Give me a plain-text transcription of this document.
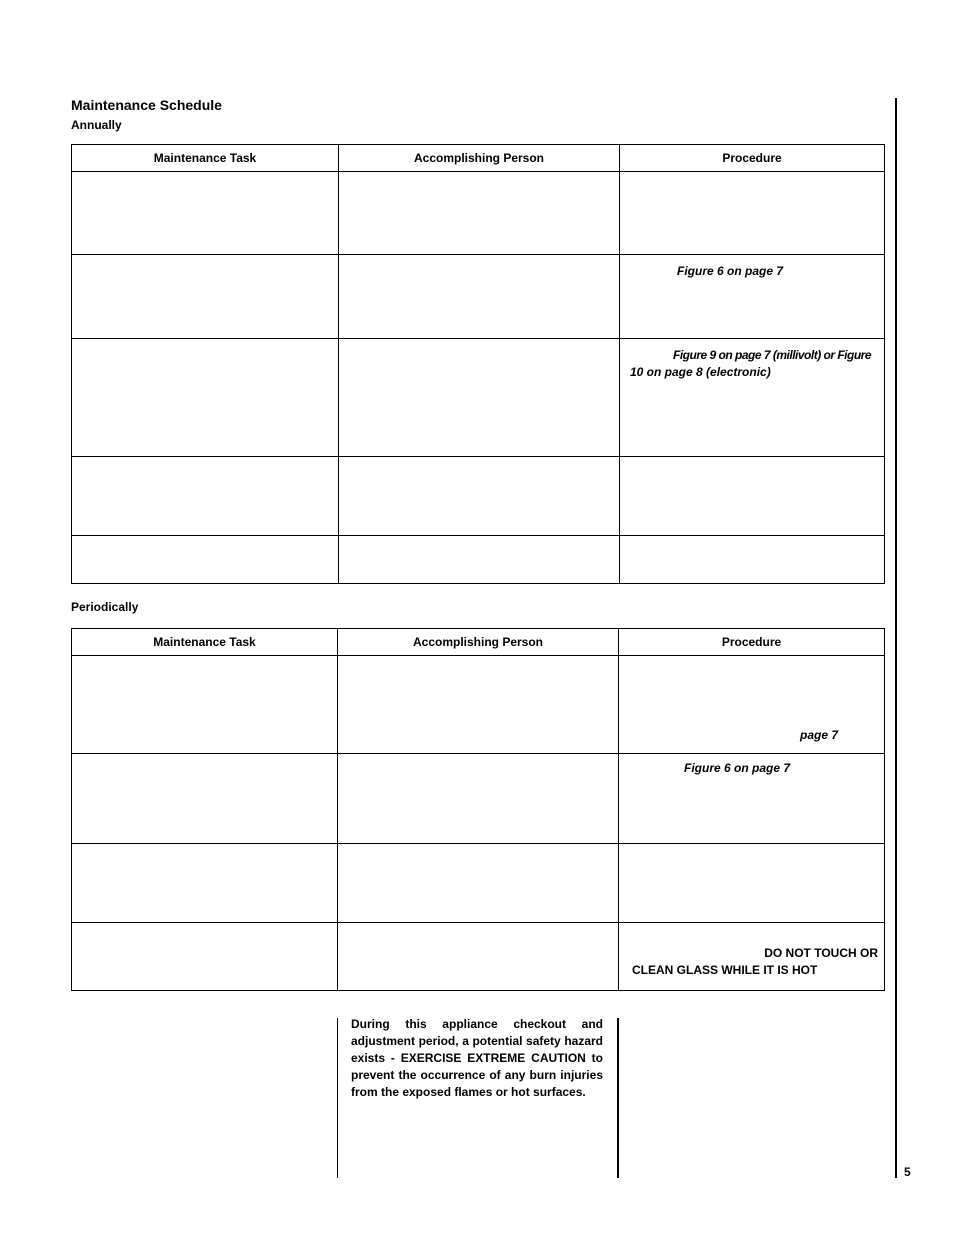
Maintenance Schedule
Annually
Maintenance Task	Accomplishing Person	Procedure

		Figure 6 on page 7

		Figure 9 on page 7 (millivolt) or Figure
10 on page 8 (electronic)

Periodically
Maintenance Task	Accomplishing Person	Procedure

		page 7

		Figure 6 on page 7

		DO NOT TOUCH OR
CLEAN GLASS WHILE IT IS HOT
During this appliance checkout and adjustment period, a potential safety hazard exists - EXERCISE EXTREME CAUTION to prevent the occurrence of any burn injuries from the exposed flames or hot surfaces.
5
